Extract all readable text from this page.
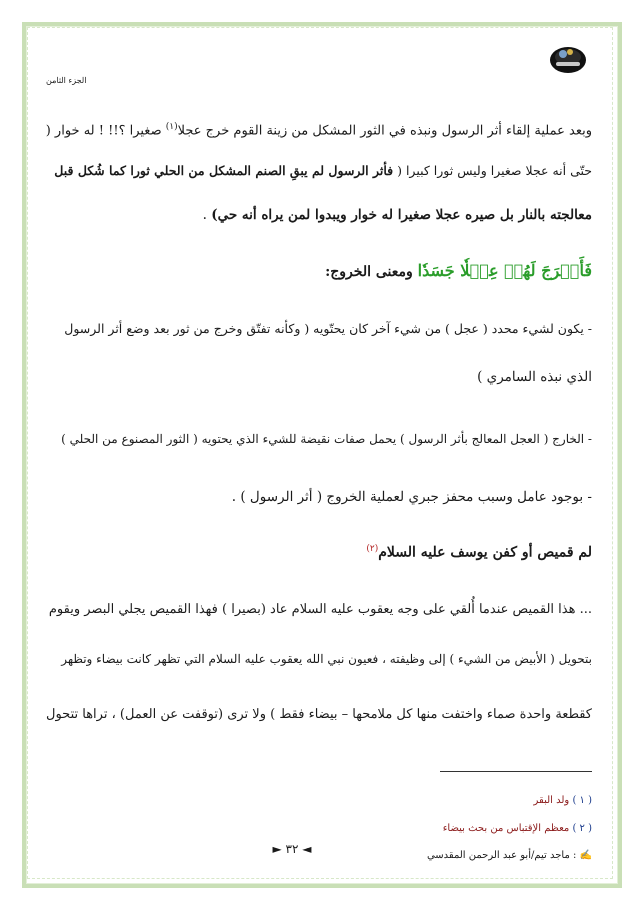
الجزء الثامن
وبعد عملية إلقاء أثر الرسول ونبذه في الثور المشكل من زينة القوم خرج عجلا$^{(١)}$ صغيرا ؟!! ! له خوار (
حتّى أنه عجلا صغيرا وليس ثورا كبيرا ( فأثر الرسول لم يبقِ الصنم المشكل من الحلي ثورا كما شُكل قبل
معالجته بالنار بل صيره عجلا صغيرا له خوار ويبدوا لمن يراه أنه حي) .
فَأَخۡرَجَ لَهُمۡ عِجۡلٗا جَسَدٗا ومعنى الخروج:
- يكون لشيء محدد ( عجل ) من شيء آخر كان يحتّويه ( وكأنه تفتّق وخرج من ثور بعد وضع أثر الرسول
الذي نبذه السامري )
- الخارج ( العجل المعالج بأثر الرسول ) يحمل صفات نقيضة للشيء الذي يحتويه ( الثور المصنوع من الحلي )
- بوجود عامل وسبب محفز جبري لعملية الخروج ( أثر الرسول ) .
لم قميص أو كفن يوسف عليه السلام$^{(٢)}$
... هذا القميص عندما أُلقي على وجه يعقوب عليه السلام عاد (بصيرا ) فهذا القميص يجلي البصر ويقوم
بتحويل ( الأبيض من الشيء ) إلى وظيفته ، فعيون نبي الله يعقوب عليه السلام التي تظهر كانت بيضاء وتظهر
كقطعة واحدة صماء واختفت منها كل ملامحها – بيضاء فقط ) ولا ترى (توقفت عن العمل) ، تراها تتحول
( ١ ) ولد البقر
( ٢ ) معظم الإقتباس من بحث بيضاء
◄ ٣٢ ►	✍ : ماجد تيم/أبو عبد الرحمن المقدسي
